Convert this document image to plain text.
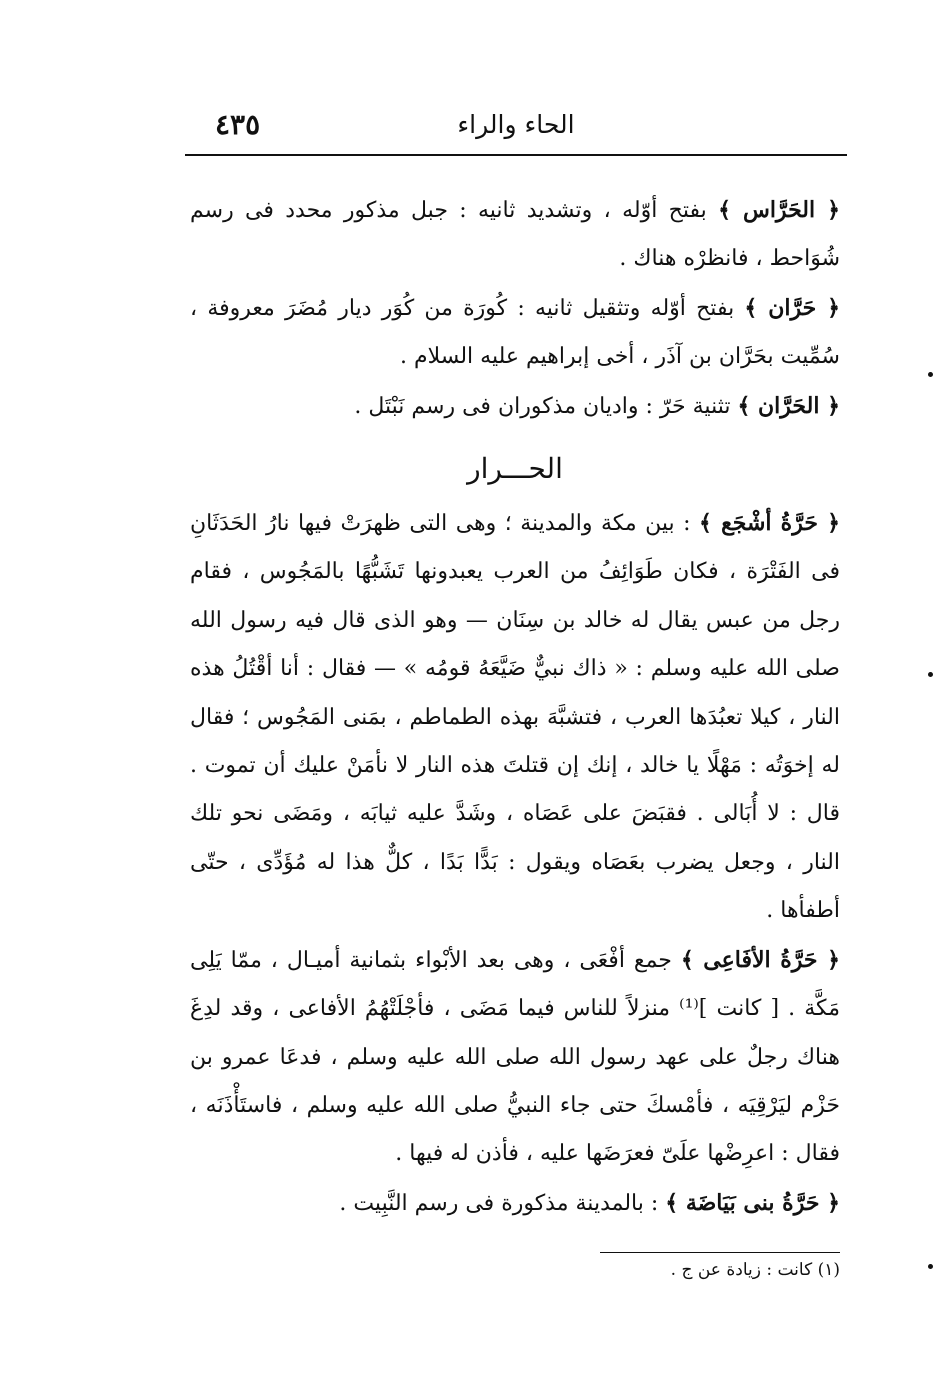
الحاء والراء
٤٣٥

﴿ الحَرَّاس ﴾ بفتح أوّله ، وتشديد ثانيه : جبل مذكور محدد فى رسم شُوَاحط ، فانظرْه هناك .

﴿ حَرَّان ﴾ بفتح أوّله وتثقيل ثانيه : كُورَة من كُوَر ديار مُضَرَ معروفة ، سُمِّيت بحَرَّان بن آذَر ، أخى إبراهيم عليه السلام .

﴿ الحَرَّان ﴾ تثنية حَرّ : واديان مذكوران فى رسم نَبْتَل .

الحـــرار

﴿ حَرَّةُ أشْجَع ﴾ : بين مكة والمدينة ؛ وهى التى ظهرَتْ فيها نارُ الحَدَثَانِ فى الفَتْرَة ، فكان طَوَائِفُ من العرب يعبدونها تَشَبُّهًا بالمَجُوس ، فقام رجل من عبس يقال له خالد بن سِنَان — وهو الذى قال فيه رسول الله صلى الله عليه وسلم : « ذاك نبيٌّ ضَيَّعَهُ قومُه » — فقال : أنا أقْتُلُ هذه النار ، كيلا تعبُدَها العرب ، فتشبَّهَ بهذه الطماطم ، بمَنى المَجُوس ؛ فقال له إخوَتُه : مَهْلًا يا خالد ، إنك إن قتلتَ هذه النار لا نأمَنْ عليك أن تموت . قال : لا أُبَالى . فقبَضَ على عَصَاه ، وشَدَّ عليه ثيابَه ، ومَضَى نحو تلك النار ، وجعل يضرب بعَصَاه ويقول : بَدًّا بَدًا ، كلٌّ هذا له مُؤَدِّى ، حتّى أطفأها .

﴿ حَرَّةُ الأفَاعِى ﴾ جمع أفْعَى ، وهى بعد الأبْواء بثمانية أميـال ، ممّا يَلِى مَكَّة . [ كانت ]⁽¹⁾ منزلاً للناس فيما مَضَى ، فأجْلَتْهُمُ الأفاعى ، وقد لدِغَ هناك رجلٌ على عهد رسول الله صلى الله عليه وسلم ، فدعَا عمرو بن حَزْم ليَرْقِيَه ، فأمْسكَ حتى جاء النبيُّ صلى الله عليه وسلم ، فاستَأْذَنَه ، فقال : اعرِضْها علَىّ فعرَضَها عليه ، فأذن له فيها .

﴿ حَرَّةُ بنى بَيَاضَة ﴾ : بالمدينة مذكورة فى رسم النَّبِيت .

(١) كانت : زيادة عن ج .
